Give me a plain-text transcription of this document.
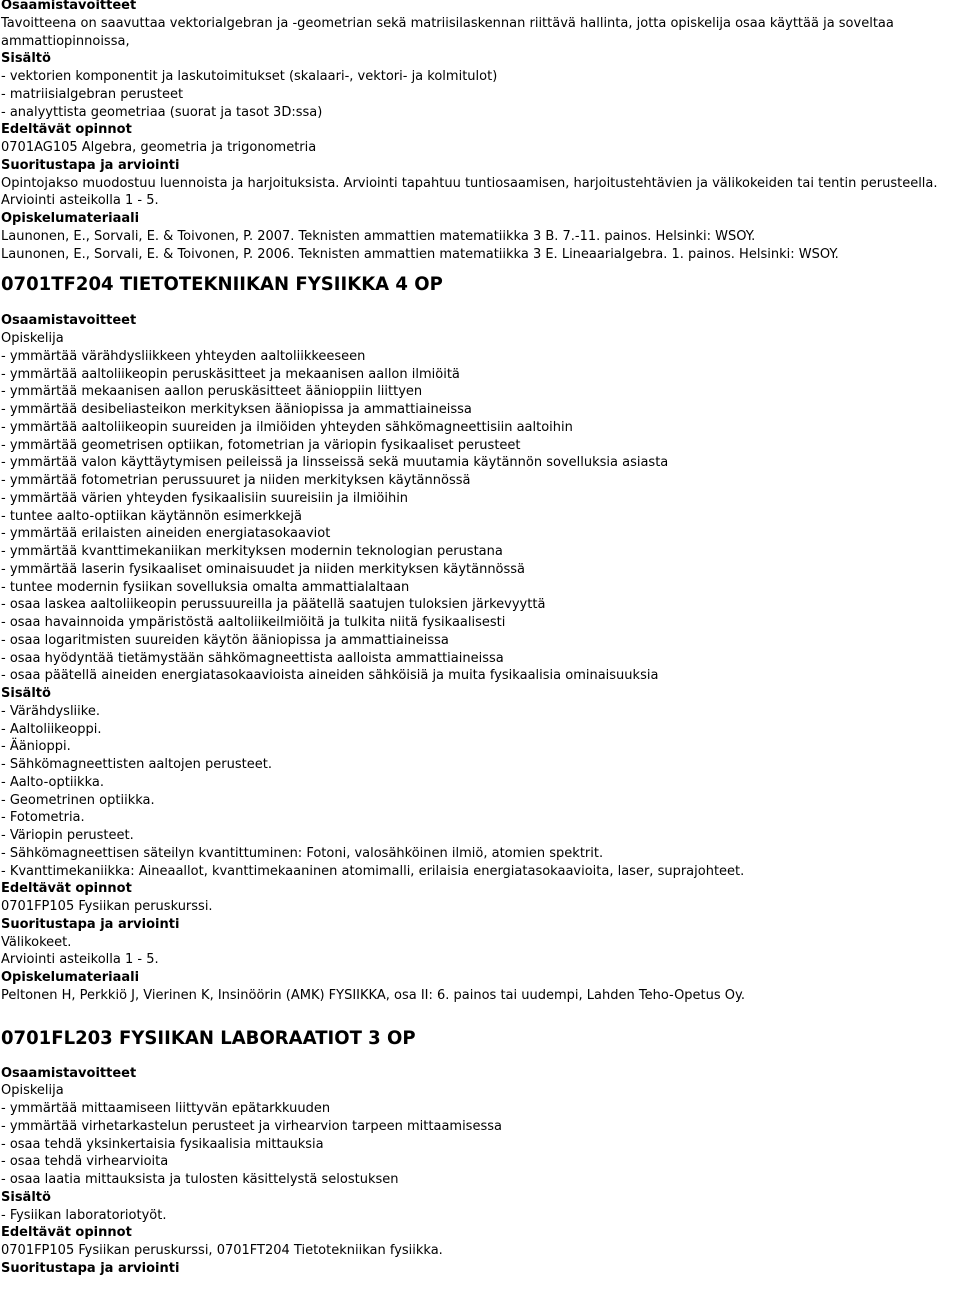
Osaamistavoitteet
Tavoitteena on saavuttaa vektorialgebran ja -geometrian sekä matriisilaskennan riittävä hallinta, jotta opiskelija osaa käyttää ja soveltaa ammattiopinnoissa,
Sisältö
- vektorien komponentit ja laskutoimitukset (skalaari-, vektori- ja kolmitulot)
- matriisialgebran perusteet
- analyyttista geometriaa (suorat ja tasot 3D:ssa)
Edeltävät opinnot
0701AG105 Algebra, geometria ja trigonometria
Suoritustapa ja arviointi
Opintojakso muodostuu luennoista ja harjoituksista. Arviointi tapahtuu tuntiosaamisen, harjoitustehtävien ja välikokeiden tai tentin perusteella.
Arviointi asteikolla 1 - 5.
Opiskelumateriaali
Launonen, E., Sorvali, E. & Toivonen, P. 2007. Teknisten ammattien matematiikka 3 B. 7.-11. painos. Helsinki: WSOY.
Launonen, E., Sorvali, E. & Toivonen, P. 2006. Teknisten ammattien matematiikka 3 E. Lineaarialgebra. 1. painos. Helsinki: WSOY.
0701TF204 TIETOTEKNIIKAN FYSIIKKA 4 OP
Osaamistavoitteet
Opiskelija
- ymmärtää värähdysliikkeen yhteyden aaltoliikkeeseen
- ymmärtää aaltoliikeopin peruskäsitteet ja mekaanisen aallon ilmiöitä
- ymmärtää mekaanisen aallon peruskäsitteet äänioppiin liittyen
- ymmärtää desibeliasteikon merkityksen ääniopissa ja ammattiaineissa
- ymmärtää aaltoliikeopin suureiden ja ilmiöiden yhteyden sähkömagneettisiin aaltoihin
- ymmärtää geometrisen optiikan, fotometrian ja väriopin fysikaaliset perusteet
- ymmärtää valon käyttäytymisen peileissä ja linsseissä sekä muutamia käytännön sovelluksia asiasta
- ymmärtää fotometrian perussuuret ja niiden merkityksen käytännössä
- ymmärtää värien yhteyden fysikaalisiin suureisiin ja ilmiöihin
- tuntee aalto-optiikan käytännön esimerkkejä
- ymmärtää erilaisten aineiden energiatasokaaviot
- ymmärtää kvanttimekaniikan merkityksen modernin teknologian perustana
- ymmärtää laserin fysikaaliset ominaisuudet ja niiden merkityksen käytännössä
- tuntee modernin fysiikan sovelluksia omalta ammattialaltaan
- osaa laskea aaltoliikeopin perussuureilla ja päätellä saatujen tuloksien järkevyyttä
- osaa havainnoida ympäristöstä aaltoliikeilmiöitä ja tulkita niitä fysikaalisesti
- osaa logaritmisten suureiden käytön ääniopissa ja ammattiaineissa
- osaa hyödyntää tietämystään sähkömagneettista aalloista ammattiaineissa
- osaa päätellä aineiden energiatasokaavioista aineiden sähköisiä ja muita fysikaalisia ominaisuuksia
Sisältö
- Värähdysliike.
- Aaltoliikeoppi.
- Äänioppi.
- Sähkömagneettisten aaltojen perusteet.
- Aalto-optiikka.
- Geometrinen optiikka.
- Fotometria.
- Väriopin perusteet.
- Sähkömagneettisen säteilyn kvantittuminen: Fotoni, valosähköinen ilmiö, atomien spektrit.
- Kvanttimekaniikka: Aineaallot, kvanttimekaaninen atomimalli, erilaisia energiatasokaavioita, laser, suprajohteet.
Edeltävät opinnot
0701FP105 Fysiikan peruskurssi.
Suoritustapa ja arviointi
Välikokeet.
Arviointi asteikolla 1 - 5.
Opiskelumateriaali
Peltonen H, Perkkiö J, Vierinen K, Insinöörin (AMK) FYSIIKKA, osa II: 6. painos tai uudempi, Lahden Teho-Opetus Oy.
0701FL203 FYSIIKAN LABORAATIOT 3 OP
Osaamistavoitteet
Opiskelija
- ymmärtää mittaamiseen liittyvän epätarkkuuden
- ymmärtää virhetarkastelun perusteet ja virhearvion tarpeen mittaamisessa
- osaa tehdä yksinkertaisia fysikaalisia mittauksia
- osaa tehdä virhearvioita
- osaa laatia mittauksista ja tulosten käsittelystä selostuksen
Sisältö
- Fysiikan laboratoriotyöt.
Edeltävät opinnot
0701FP105 Fysiikan peruskurssi, 0701FT204 Tietotekniikan fysiikka.
Suoritustapa ja arviointi
